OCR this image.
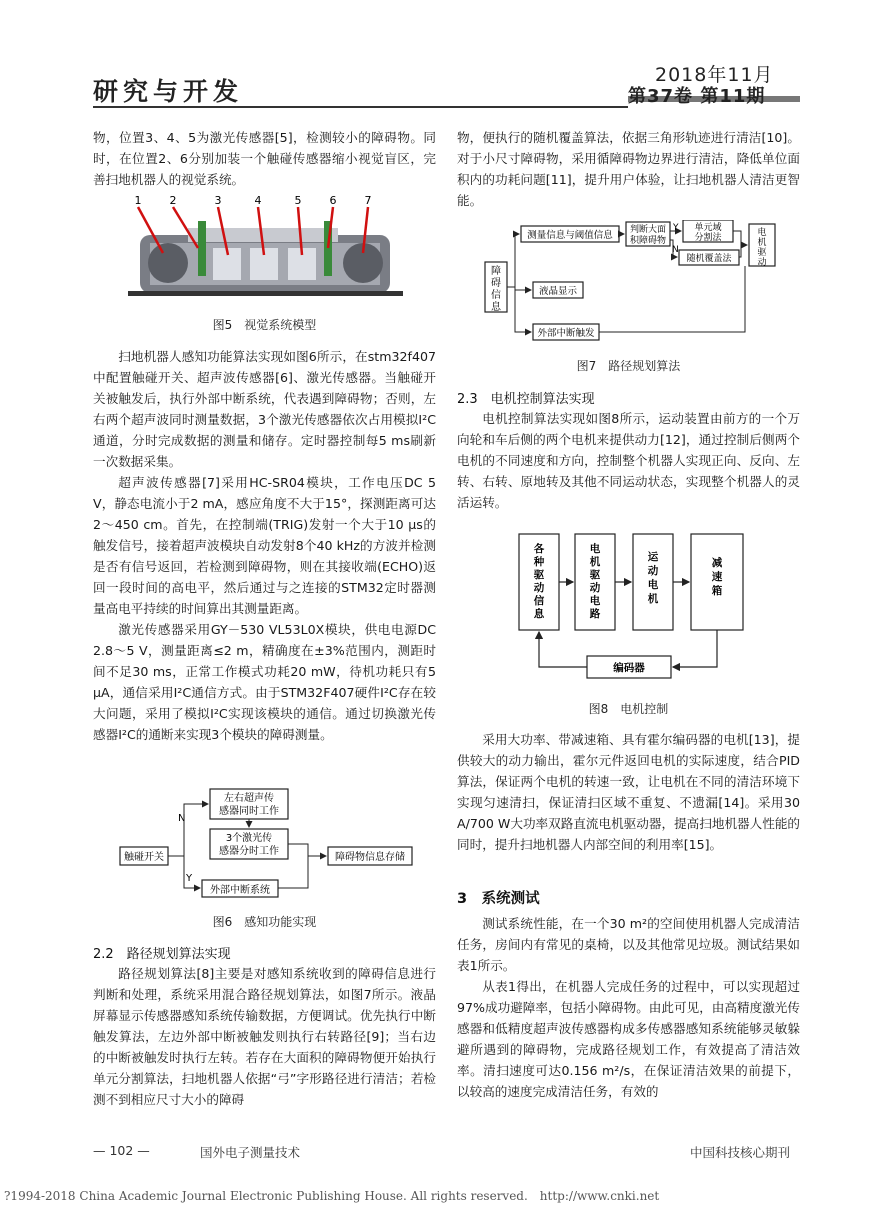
研究与开发
2018年11月
第37卷 第11期

物，位置3、4、5为激光传感器[5]，检测较小的障碍物。同时，在位置2、6分别加装一个触碰传感器缩小视觉盲区，完善扫地机器人的视觉系统。

1	2	3	4	5	6	7
图5　视觉系统模型

扫地机器人感知功能算法实现如图6所示，在stm32f407中配置触碰开关、超声波传感器[6]、激光传感器。当触碰开关被触发后，执行外部中断系统，代表遇到障碍物；否则，左右两个超声波同时测量数据，3个激光传感器依次占用模拟I²C通道，分时完成数据的测量和储存。定时器控制每5 ms刷新一次数据采集。

超声波传感器[7]采用HC-SR04模块，工作电压DC 5 V，静态电流小于2 mA，感应角度不大于15°，探测距离可达2～450 cm。首先，在控制端(TRIG)发射一个大于10 μs的触发信号，接着超声波模块自动发射8个40 kHz的方波并检测是否有信号返回，若检测到障碍物，则在其接收端(ECHO)返回一段时间的高电平，然后通过与之连接的STM32定时器测量高电平持续的时间算出其测量距离。

激光传感器采用GY－530 VL53L0X模块，供电电源DC 2.8～5 V，测量距离≤2 m，精确度在±3%范围内，测距时间不足30 ms，正常工作模式功耗20 mW，待机功耗只有5 μA，通信采用I²C通信方式。由于STM32F407硬件I²C存在较大问题，采用了模拟I²C实现该模块的通信。通过切换激光传感器I²C的通断来实现3个模块的障碍测量。

左右超声传
感器同时工作
3个激光传
感器分时工作
触碰开关	障碍物信息存储
外部中断系统
N
Y
图6　感知功能实现
2.2　路径规划算法实现

路径规划算法[8]主要是对感知系统收到的障碍信息进行判断和处理，系统采用混合路径规划算法，如图7所示。液晶屏幕显示传感器感知系统传输数据，方便调试。优先执行中断触发算法，左边外部中断被触发则执行右转路径[9]；当右边的中断被触发时执行左转。若存在大面积的障碍物便开始执行单元分割算法，扫地机器人依据“弓”字形路径进行清洁；若检测不到相应尺寸大小的障碍

物，便执行的随机覆盖算法，依据三角形轨迹进行清洁[10]。对于小尺寸障碍物，采用循障碍物边界进行清洁，降低单位面积内的功耗问题[11]，提升用户体验，让扫地机器人清洁更智能。

障碍信息
测量信息与阈值信息 判断大面
积障碍物
单元域
分割法
随机覆盖法
电机驱动
液晶显示
外部中断触发
Y
N
图7　路径规划算法
2.3　电机控制算法实现

电机控制算法实现如图8所示，运动装置由前方的一个万向轮和车后侧的两个电机来提供动力[12]，通过控制后侧两个电机的不同速度和方向，控制整个机器人实现正向、反向、左转、右转、原地转及其他不同运动状态，实现整个机器人的灵活运转。

各种驱动信息
电机驱动电路
运动电机
减速箱
编码器
图8　电机控制

采用大功率、带减速箱、具有霍尔编码器的电机[13]，提供较大的动力输出，霍尔元件返回电机的实际速度，结合PID算法，保证两个电机的转速一致，让电机在不同的清洁环境下实现匀速清扫，保证清扫区域不重复、不遗漏[14]。采用30 A/700 W大功率双路直流电机驱动器，提高扫地机器人性能的同时，提升扫地机器人内部空间的利用率[15]。

3　系统测试

测试系统性能，在一个30 m²的空间使用机器人完成清洁任务，房间内有常见的桌椅，以及其他常见垃圾。测试结果如表1所示。

从表1得出，在机器人完成任务的过程中，可以实现超过97%成功避障率，包括小障碍物。由此可见，由高精度激光传感器和低精度超声波传感器构成多传感器感知系统能够灵敏躲避所遇到的障碍物，完成路径规划工作，有效提高了清洁效率。清扫速度可达0.156 m²/s，在保证清洁效果的前提下，以较高的速度完成清洁任务，有效的

— 102 —	国外电子测量技术	中国科技核心期刊
?1994-2018 China Academic Journal Electronic Publishing House. All rights reserved.　http://www.cnki.net
